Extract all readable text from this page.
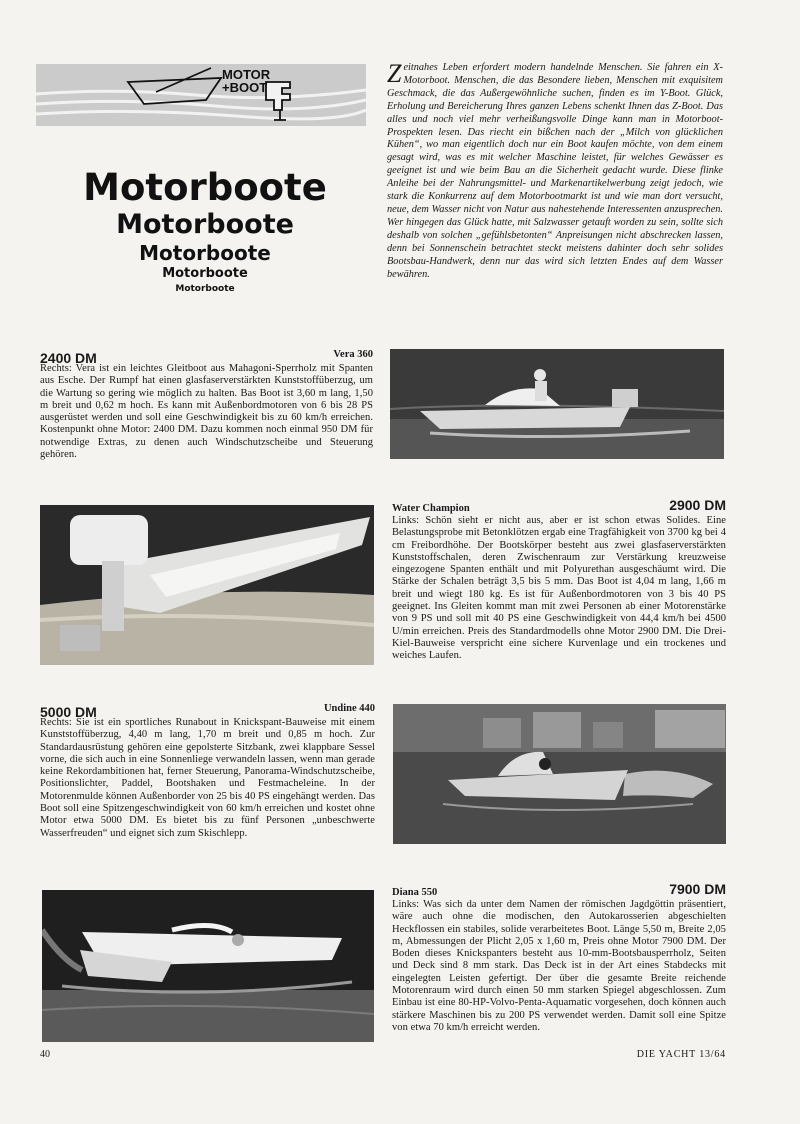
MOTOR
+BOOT
Motorboote
Motorboote
Motorboote
Motorboote
Motorboote
Zeitnahes Leben erfordert modern handelnde Menschen. Sie fahren ein X-Motorboot. Menschen, die das Besondere lieben, Menschen mit exquisitem Geschmack, die das Außergewöhnliche suchen, finden es im Y-Boot. Glück, Erholung und Bereicherung Ihres ganzen Lebens schenkt Ihnen das Z-Boot. Das alles und noch viel mehr verheißungsvolle Dinge kann man in Motorboot-Prospekten lesen. Das riecht ein bißchen nach der „Milch von glücklichen Kühen“, wo man eigentlich doch nur ein Boot kaufen möchte, von dem einem gesagt wird, was es mit welcher Maschine leistet, für welches Gewässer es geeignet ist und wie beim Bau an die Sicherheit gedacht wurde. Diese flinke Anleihe bei der Nahrungsmittel- und Markenartikelwerbung zeigt jedoch, wie stark die Konkurrenz auf dem Motorbootmarkt ist und wie man dort versucht, neue, dem Wasser nicht von Natur aus nahestehende Interessenten anzusprechen. Wer hingegen das Glück hatte, mit Salzwasser getauft worden zu sein, sollte sich deshalb von solchen „gefühlsbetonten“ Anpreisungen nicht abschrecken lassen, denn bei Sonnenschein betrachtet steckt meistens dahinter doch sehr solides Bootsbau-Handwerk, denn nur das wird sich letzten Endes auf dem Wasser bewähren.
2400 DM	Vera 360
Rechts: Vera ist ein leichtes Gleitboot aus Mahagoni-Sperrholz mit Spanten aus Esche. Der Rumpf hat einen glasfaserverstärkten Kunststoffüberzug, um die Wartung so gering wie möglich zu halten. Bas Boot ist 3,60 m lang, 1,50 m breit und 0,62 m hoch. Es kann mit Außenbordmotoren von 6 bis 28 PS ausgerüstet werden und soll eine Geschwindigkeit bis zu 60 km/h erreichen. Kostenpunkt ohne Motor: 2400 DM. Dazu kommen noch einmal 950 DM für notwendige Extras, zu denen auch Windschutzscheibe und Steuerung gehören.
Water Champion	2900 DM
Links: Schön sieht er nicht aus, aber er ist schon etwas Solides. Eine Belastungsprobe mit Betonklötzen ergab eine Tragfähigkeit von 3700 kg bei 4 cm Freibordhöhe. Der Bootskörper besteht aus zwei glasfaserverstärkten Kunststoffschalen, deren Zwischenraum zur Verstärkung kreuzweise eingezogene Spanten enthält und mit Polyurethan ausgeschäumt wird. Die Stärke der Schalen beträgt 3,5 bis 5 mm. Das Boot ist 4,04 m lang, 1,66 m breit und wiegt 180 kg. Es ist für Außenbordmotoren von 3 bis 40 PS geeignet. Ins Gleiten kommt man mit zwei Personen ab einer Motorenstärke von 9 PS und soll mit 40 PS eine Geschwindigkeit von 44,4 km/h bei 4500 U/min erreichen. Preis des Standardmodells ohne Motor 2900 DM. Die Drei-Kiel-Bauweise verspricht eine sichere Kurvenlage und ein trockenes und weiches Laufen.
5000 DM	Undine 440
Rechts: Sie ist ein sportliches Runabout in Knickspant-Bauweise mit einem Kunststoffüberzug, 4,40 m lang, 1,70 m breit und 0,85 m hoch. Zur Standardausrüstung gehören eine gepolsterte Sitzbank, zwei klappbare Sessel vorne, die sich auch in eine Sonnenliege verwandeln lassen, wenn man gerade keine Rekordambitionen hat, ferner Steuerung, Panorama-Windschutzscheibe, Positionslichter, Paddel, Bootshaken und Festmacheleine. In der Motorenmulde können Außenborder von 25 bis 40 PS eingehängt werden. Das Boot soll eine Spitzengeschwindigkeit von 60 km/h erreichen und kostet ohne Motor etwa 5000 DM. Es bietet bis zu fünf Personen „unbeschwerte Wasserfreuden“ und eignet sich zum Skischlepp.
Diana 550	7900 DM
Links: Was sich da unter dem Namen der römischen Jagdgöttin präsentiert, wäre auch ohne die modischen, den Autokarosserien abgeschielten Heckflossen ein stabiles, solide verarbeitetes Boot. Länge 5,50 m, Breite 2,05 m, Abmessungen der Plicht 2,05 x 1,60 m, Preis ohne Motor 7900 DM. Der Boden dieses Knickspanters besteht aus 10-mm-Bootsbausperrholz, Seiten und Deck sind 8 mm stark. Das Deck ist in der Art eines Stabdecks mit eingelegten Leisten gefertigt. Der über die gesamte Breite reichende Motorenraum wird durch einen 50 mm starken Spiegel abgeschlossen. Zum Einbau ist eine 80-HP-Volvo-Penta-Aquamatic vorgesehen, doch können auch stärkere Maschinen bis zu 200 PS verwendet werden. Damit soll eine Spitze von etwa 70 km/h erreicht werden.
40	DIE YACHT 13/64
